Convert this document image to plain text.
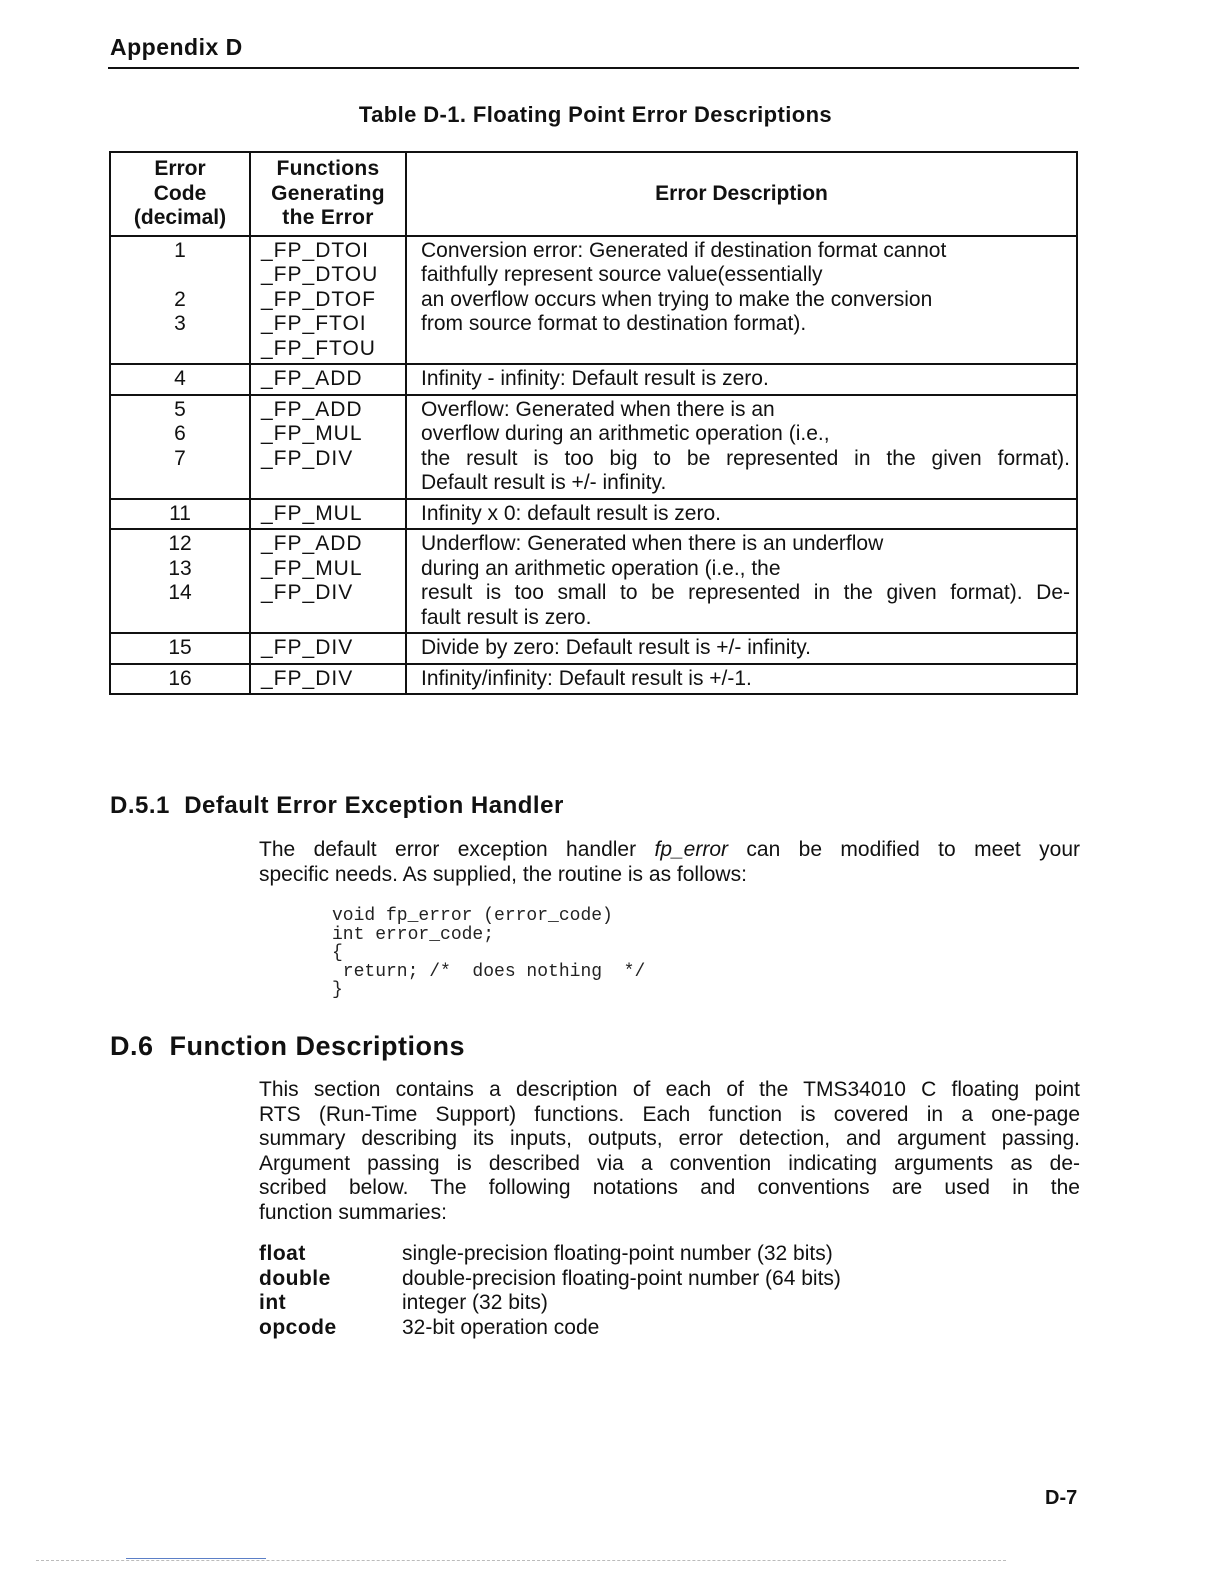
Appendix D
Table D-1. Floating Point Error Descriptions
Error
Code
(decimal)	Functions
Generating
the Error	Error Description

1
2
3	_FP_DTOI
_FP_DTOU
_FP_DTOF
_FP_FTOI
_FP_FTOU	Conversion error: Generated if destination format cannot
faithfully represent source value(essentially
an overflow occurs when trying to make the conversion
from source format to destination format).

4	_FP_ADD	Infinity - infinity: Default result is zero.

5
6
7	_FP_ADD
_FP_MUL
_FP_DIV	Overflow: Generated when there is an
overflow during an arithmetic operation (i.e.,
the result is too big to be represented in the given format).
Default result is +/- infinity.

11	_FP_MUL	Infinity x 0: default result is zero.

12
13
14	_FP_ADD
_FP_MUL
_FP_DIV	Underflow: Generated when there is an underflow
during an arithmetic operation (i.e., the
result is too small to be represented in the given format). De-
fault result is zero.

15	_FP_DIV	Divide by zero: Default result is +/- infinity.

16	_FP_DIV	Infinity/infinity: Default result is +/-1.
D.5.1  Default Error Exception Handler
The default error exception handler fp_error can be modified to meet your
specific needs. As supplied, the routine is as follows:
void fp_error (error_code)
int error_code;
{
return; /*  does nothing  */
}
D.6  Function Descriptions
This section contains a description of each of the TMS34010 C floating point
RTS (Run-Time Support) functions. Each function is covered in a one-page
summary describing its inputs, outputs, error detection, and argument passing.
Argument passing is described via a convention indicating arguments as de-
scribed below. The following notations and conventions are used in the
function summaries:
float	single-precision floating-point number (32 bits)
double	double-precision floating-point number (64 bits)
int	integer (32 bits)
opcode	32-bit operation code
D-7
